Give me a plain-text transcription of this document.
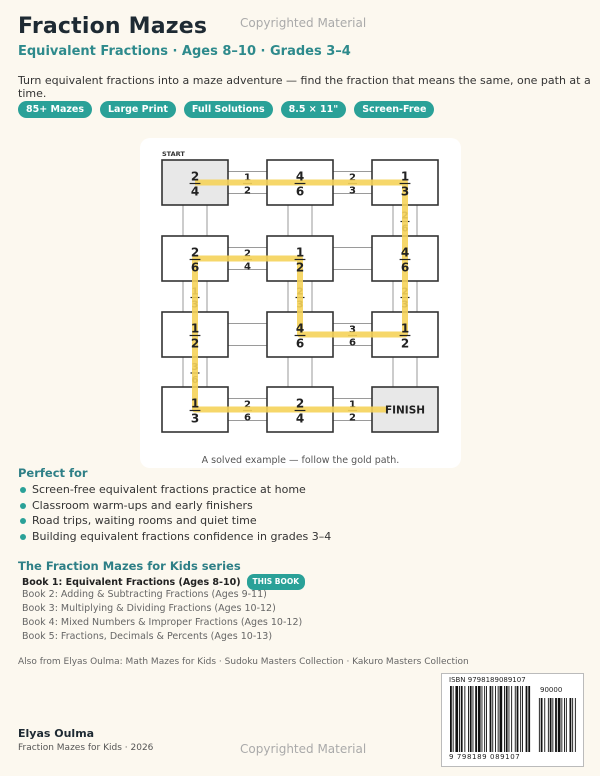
Fraction Mazes	Copyrighted Material
Equivalent Fractions · Ages 8–10 · Grades 3–4
Turn equivalent fractions into a maze adventure — find the fraction that means the same, one path at a time.
85+ Mazes	Large Print	Full Solutions	8.5 × 11"	Screen-Free
1
2
2
3
2
4
3
6
2
6
1
2
2
6
1
3
2
3
2
3
3
6
2
4
4
6
1
3
2
6
1
2
4
6
1
2
4
6
1
2
1
3
2
4
START
FINISH
A solved example — follow the gold path.
Perfect for
Screen-free equivalent fractions practice at home
Classroom warm-ups and early finishers
Road trips, waiting rooms and quiet time
Building equivalent fractions confidence in grades 3–4
The Fraction Mazes for Kids series
Book 1: Equivalent Fractions (Ages 8-10) THIS BOOK
Book 2: Adding & Subtracting Fractions (Ages 9-11)
Book 3: Multiplying & Dividing Fractions (Ages 10-12)
Book 4: Mixed Numbers & Improper Fractions (Ages 10-12)
Book 5: Fractions, Decimals & Percents (Ages 10-13)
Also from Elyas Oulma: Math Mazes for Kids · Sudoku Masters Collection · Kakuro Masters Collection
Elyas Oulma
Fraction Mazes for Kids · 2026	Copyrighted Material
ISBN 9798189089107
90000
9 798189 089107
